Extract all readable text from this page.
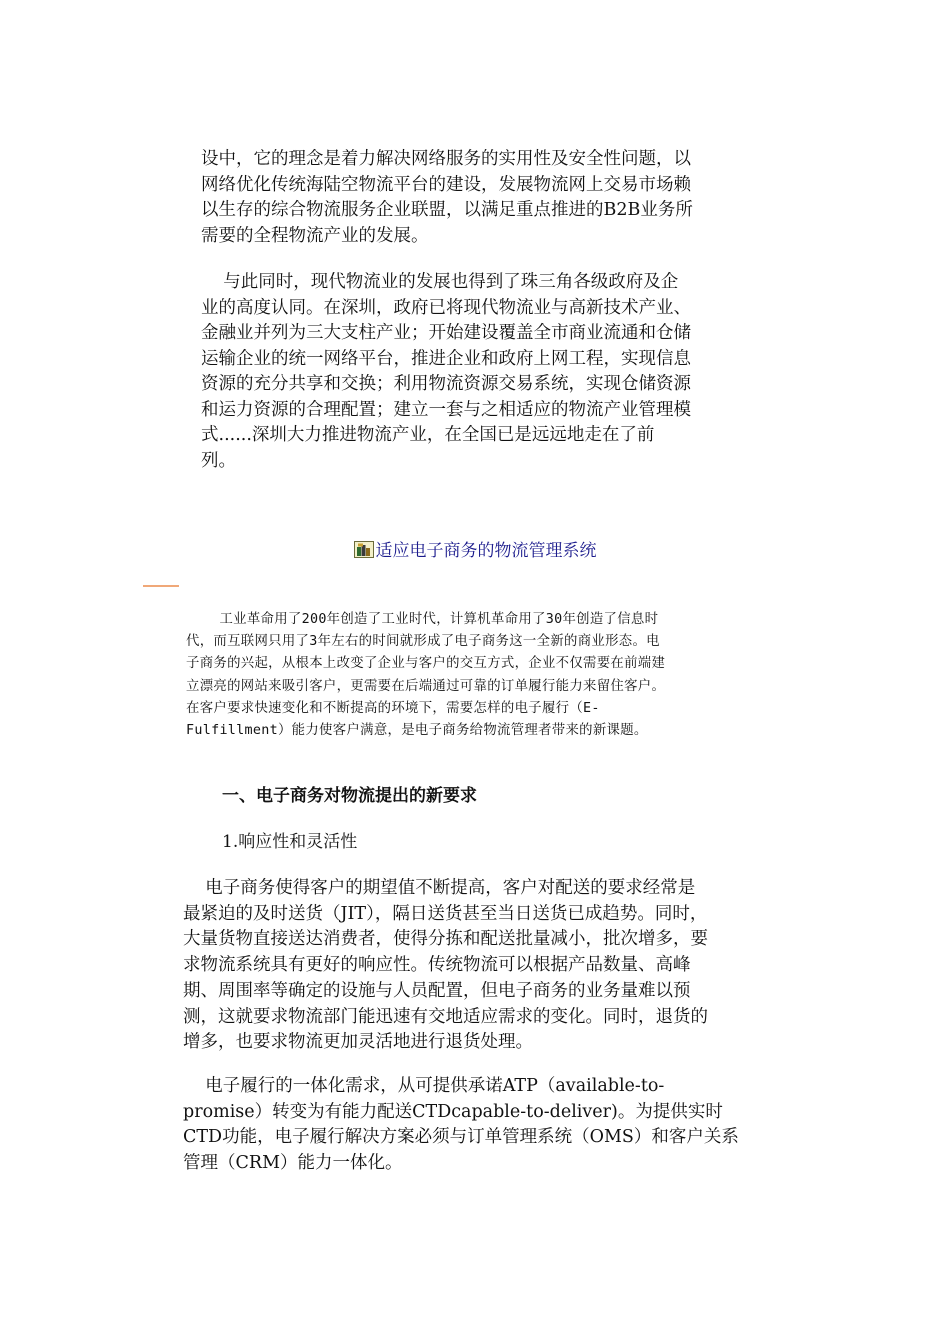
设中，它的理念是着力解决网络服务的实用性及安全性问题，以
网络优化传统海陆空物流平台的建设，发展物流网上交易市场赖
以生存的综合物流服务企业联盟，以满足重点推进的B2B业务所
需要的全程物流产业的发展。
与此同时，现代物流业的发展也得到了珠三角各级政府及企
业的高度认同。在深圳，政府已将现代物流业与高新技术产业、
金融业并列为三大支柱产业；开始建设覆盖全市商业流通和仓储
运输企业的统一网络平台，推进企业和政府上网工程，实现信息
资源的充分共享和交换；利用物流资源交易系统，实现仓储资源
和运力资源的合理配置；建立一套与之相适应的物流产业管理模
式......深圳大力推进物流产业，在全国已是远远地走在了前
列。
适应电子商务的物流管理系统
工业革命用了200年创造了工业时代，计算机革命用了30年创造了信息时
代，而互联网只用了3年左右的时间就形成了电子商务这一全新的商业形态。电
子商务的兴起，从根本上改变了企业与客户的交互方式，企业不仅需要在前端建
立漂亮的网站来吸引客户，更需要在后端通过可靠的订单履行能力来留住客户。
在客户要求快速变化和不断提高的环境下，需要怎样的电子履行（E-
Fulfillment）能力使客户满意，是电子商务给物流管理者带来的新课题。
一、电子商务对物流提出的新要求
1.响应性和灵活性
电子商务使得客户的期望值不断提高，客户对配送的要求经常是
最紧迫的及时送货（JIT），隔日送货甚至当日送货已成趋势。同时，
大量货物直接送达消费者，使得分拣和配送批量减小，批次增多，要
求物流系统具有更好的响应性。传统物流可以根据产品数量、高峰
期、周围率等确定的设施与人员配置，但电子商务的业务量难以预
测，这就要求物流部门能迅速有交地适应需求的变化。同时，退货的
增多，也要求物流更加灵活地进行退货处理。
电子履行的一体化需求，从可提供承诺ATP（available-to-
promise）转变为有能力配送CTDcapable-to-deliver)。为提供实时
CTD功能，电子履行解决方案必须与订单管理系统（OMS）和客户关系
管理（CRM）能力一体化。
